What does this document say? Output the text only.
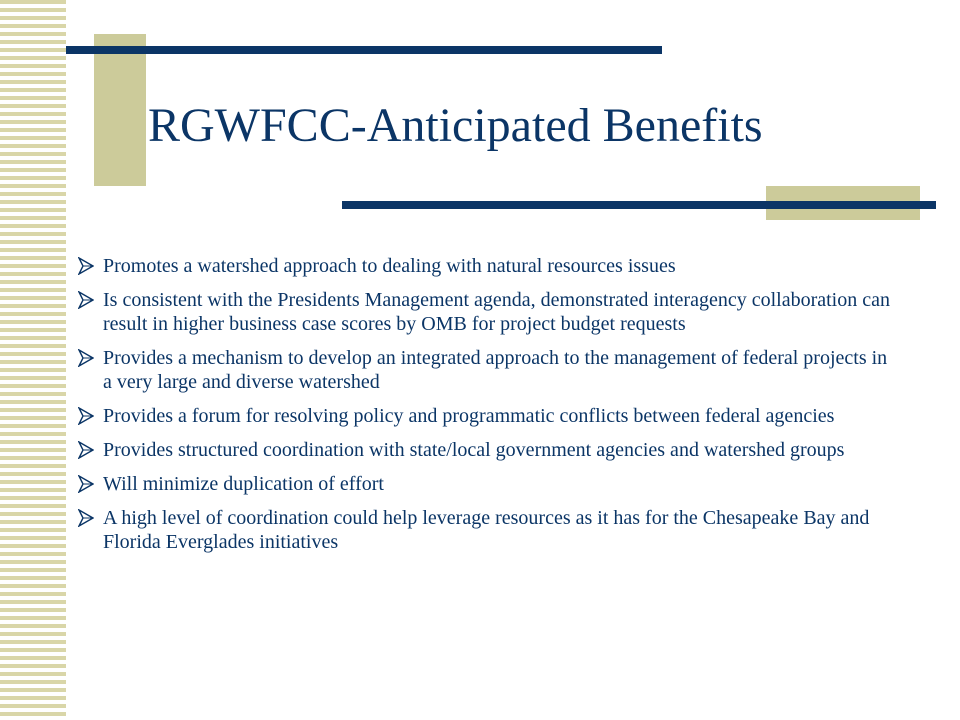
RGWFCC-Anticipated Benefits
Promotes a watershed approach to dealing with natural resources issues
Is consistent with the Presidents Management agenda, demonstrated interagency collaboration can result in higher business case scores by OMB for project budget requests
Provides a mechanism to develop an integrated approach to the management of federal projects in a very large and diverse watershed
Provides a forum for resolving policy and programmatic conflicts between federal agencies
Provides structured coordination with state/local government agencies and watershed groups
Will minimize duplication of effort
A high level of coordination could help leverage resources as it has for the Chesapeake Bay and Florida Everglades initiatives
